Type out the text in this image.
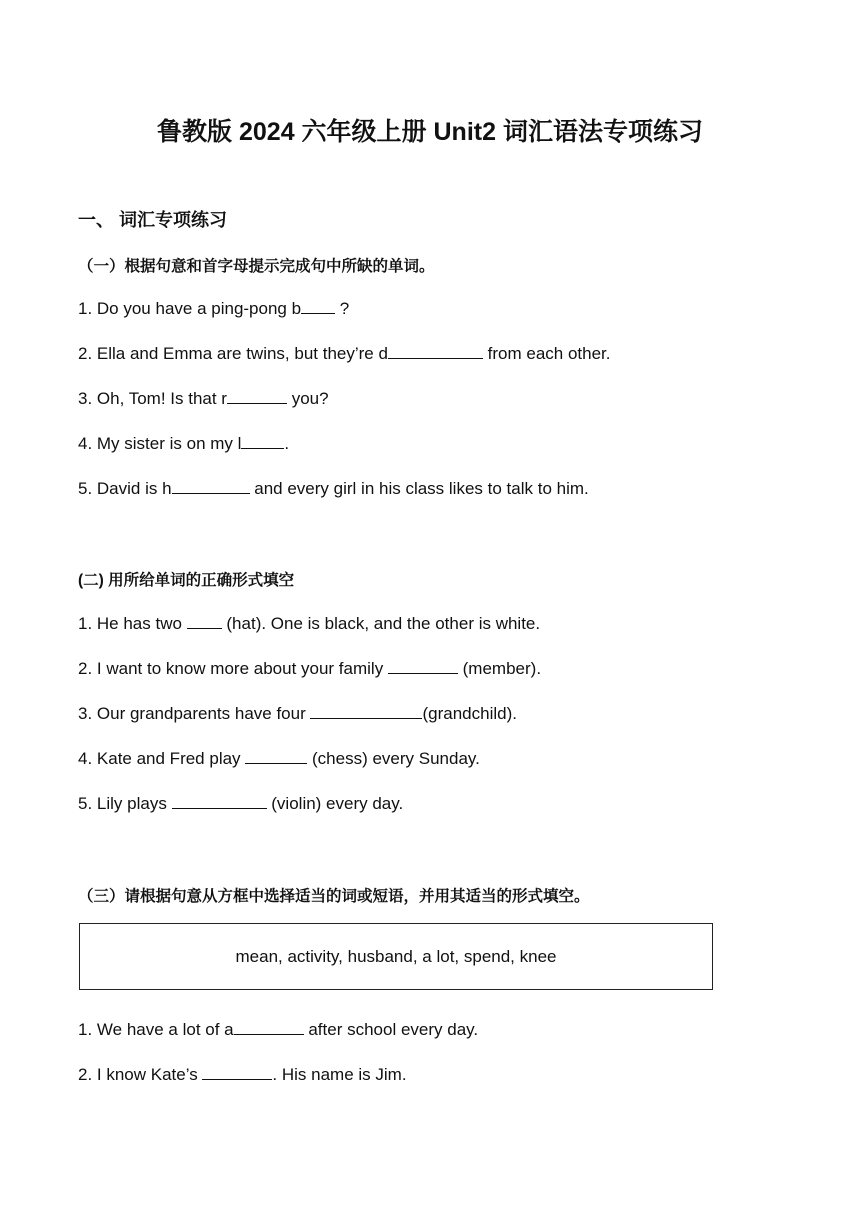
鲁教版 2024 六年级上册 Unit2 词汇语法专项练习
一、 词汇专项练习
（一）根据句意和首字母提示完成句中所缺的单词。
1. Do you have a ping-pong b ?
2. Ella and Emma are twins, but they’re d	from each other.
3. Oh, Tom! Is that r	you?
4. My sister is on my l	.
5. David is h	and every girl in his class likes to talk to him.
(二) 用所给单词的正确形式填空
1. He has two  (hat). One is black, and the other is white.
2. I want to know more about your family	(member).
3. Our grandparents have four	(grandchild).
4. Kate and Fred play	(chess) every Sunday.
5. Lily plays	(violin) every day.
（三）请根据句意从方框中选择适当的词或短语，并用其适当的形式填空。
mean, activity, husband, a lot, spend, knee
1. We have a lot of a	after school every day.
2. I know Kate’s	. His name is Jim.
